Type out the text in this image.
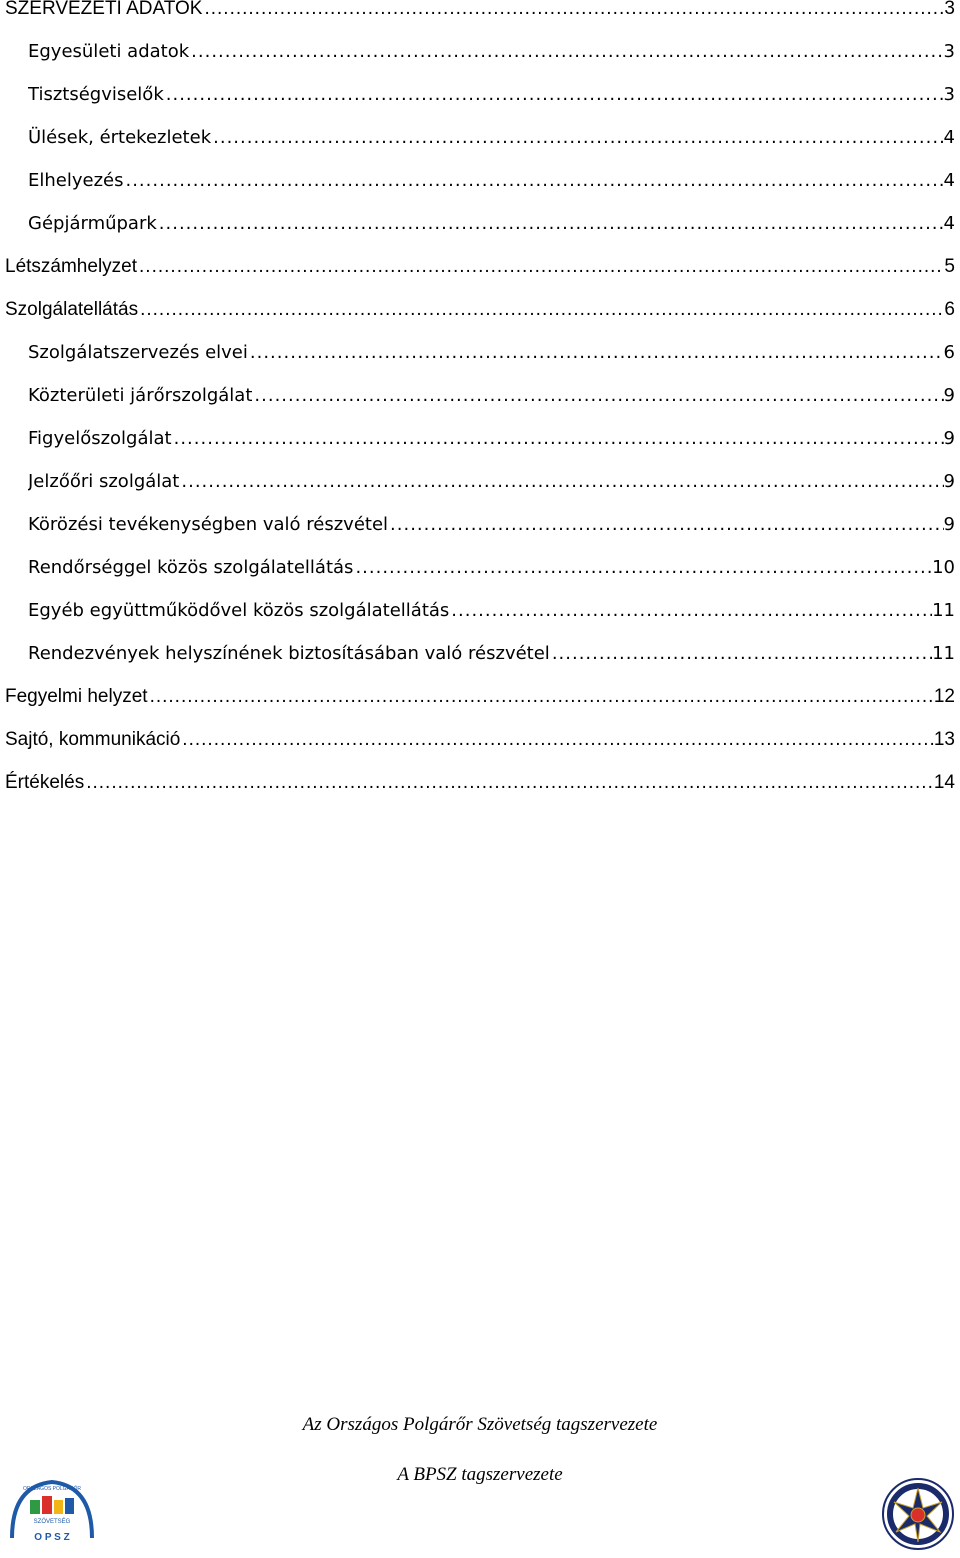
SZERVEZETI ADATOK .....	3
Egyesületi adatok .....	3
Tisztségviselők .....	3
Ülések, értekezletek .....	4
Elhelyezés .....	4
Gépjárműpark .....	4
Létszámhelyzet .....	5
Szolgálatellátás .....	6
Szolgálatszervezés elvei .....	6
Közterületi járőrszolgálat .....	9
Figyelőszolgálat .....	9
Jelzőőri szolgálat .....	9
Körözési tevékenységben való részvétel .....	9
Rendőrséggel közös szolgálatellátás .....	10
Egyéb együttműködővel közös szolgálatellátás .....	11
Rendezvények helyszínének biztosításában való részvétel .....	11
Fegyelmi helyzet .....	12
Sajtó, kommunikáció .....	13
Értékelés .....	14
Az Országos Polgárőr Szövetség tagszervezete
A BPSZ tagszervezete
ORSZÁGOS POLGÁRŐR
SZÖVETSÉG
O P S Z
